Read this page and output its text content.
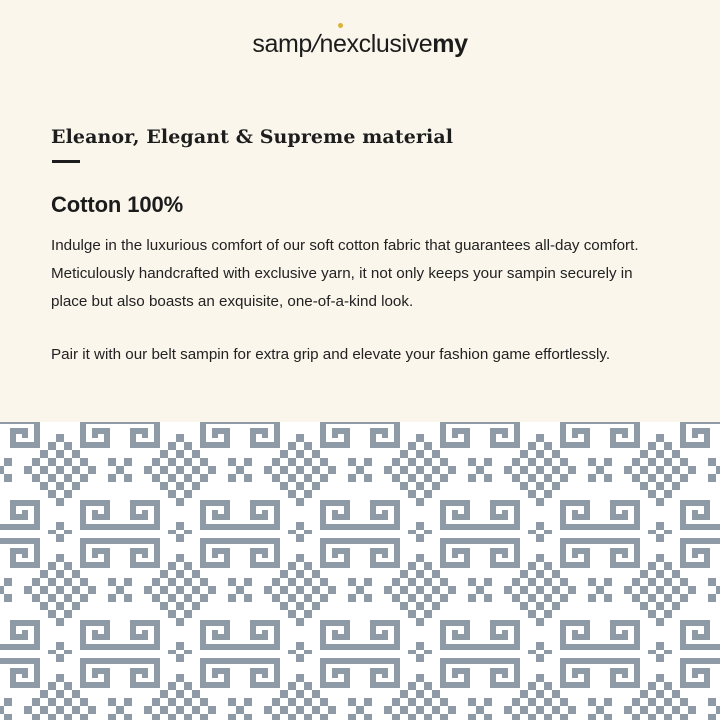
samp/nexclusivemy
Eleanor, Elegant & Supreme material
Cotton 100%

Indulge in the luxurious comfort of our soft cotton fabric that guarantees all-day comfort. Meticulously handcrafted with exclusive yarn, it not only keeps your sampin securely in place but also boasts an exquisite, one-of-a-kind look.

Pair it with our belt sampin for extra grip and elevate your fashion game effortlessly.
